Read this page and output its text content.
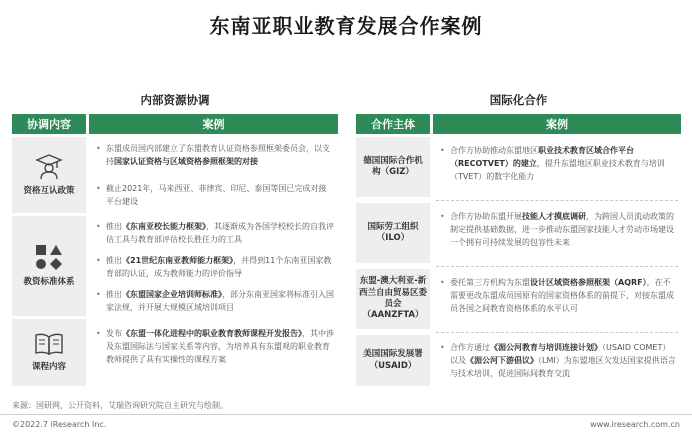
东南亚职业教育发展合作案例
内部资源协调
协调内容	案例
资格互认政策
• 东盟成员国内部建立了东盟教育认证资格参照框架委员会，以支持国家认证资格与区域资格参照框架的对接
• 截止2021年，马来西亚、菲律宾、印尼、泰国等国已完成对接平台建设
教资标准体系
• 推出《东南亚校长能力框架》，其逐渐成为各国学校校长的自我评估工具与教育部评估校长胜任力的工具
• 推出《21世纪东南亚教师能力框架》，并得到11个东南亚国家教育部的认证，成为教师能力的评价指导
• 推出《东盟国家企业培训师标准》，部分东南亚国家将标准引入国家法规，并开展大规模区域培训项目
课程内容
• 发布《东盟一体化进程中的职业教育教师课程开发报告》，其中涉及东盟国际法与国家关系等内容，为培养具有东盟观的职业教育教师提供了具有实操性的课程方案
国际化合作
合作主体	案例
德国国际合作机构（GIZ）
• 合作方协助推动东盟地区职业技术教育区域合作平台（RECOTVET）的建立，提升东盟地区职业技术教育与培训（TVET）的数字化能力
国际劳工组织（ILO）
• 合作方协助东盟开展技能人才摸底调研，为跨国人员流动政策的制定提供基础数据，进一步推动东盟国家技能人才劳动市场建设一个拥有可持续发展的包容性未来
东盟-澳大利亚-新西兰自由贸易区委员会（AANZFTA）
• 委托第三方机构为东盟设计区域资格参照框架（AQRF），在不需要更改东盟成员国原有的国家资格体系的前提下，对接东盟成员各国之间教育资格体系的水平认可
美国国际发展署（USAID）
• 合作方通过《湄公河教育与培训连接计划》（USAID COMET）以及《湄公河下游倡议》（LMI）为东盟地区欠发达国家提供语言与技术培训，促进国际间教育交流
来源：国研网，公开资料，艾瑞咨询研究院自主研究与绘制。
©2022.7 iResearch Inc.	www.iresearch.com.cn
